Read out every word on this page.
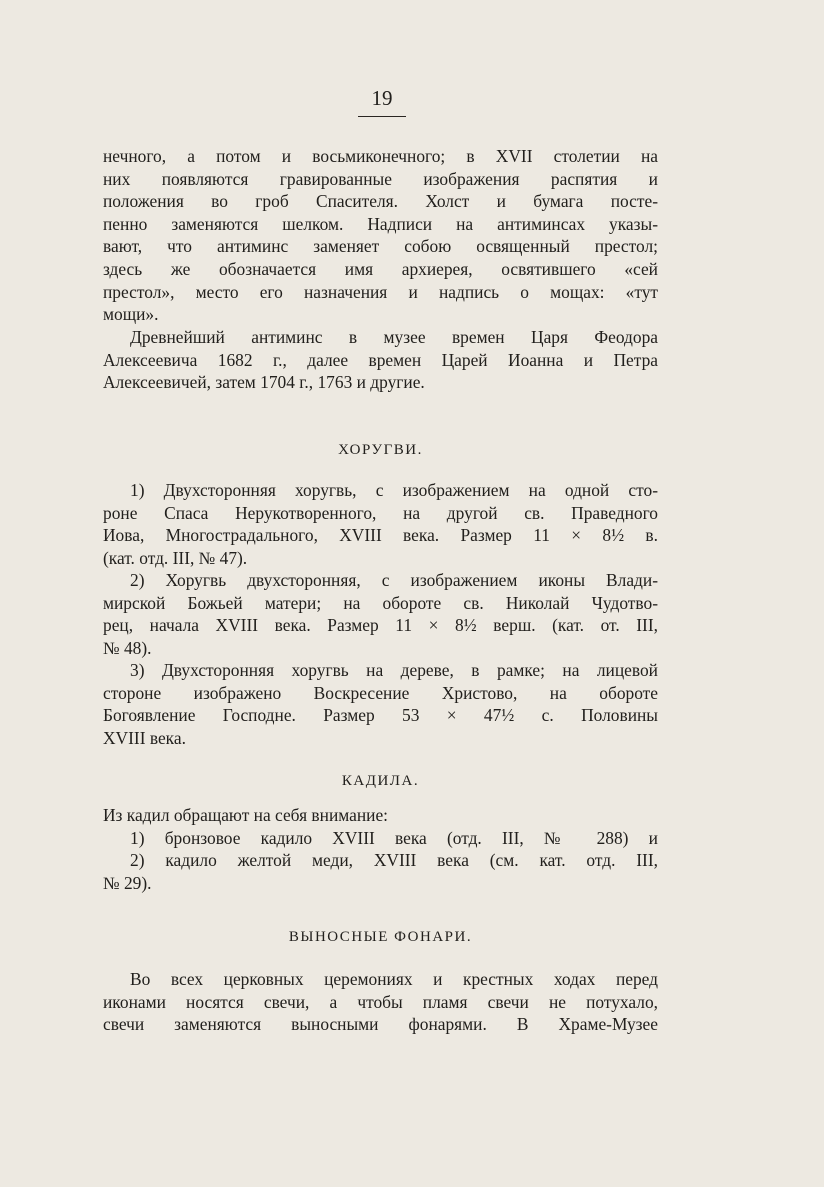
19
нечного, а потом и восьмиконечного; в XVII столетии на
них появляются гравированные изображения распятия и
положения во гроб Спасителя. Холст и бумага посте-
пенно заменяются шелком. Надписи на антиминсах указы-
вают, что антиминс заменяет собою освященный престол;
здесь же обозначается имя архиерея, освятившего «сей
престол», место его назначения и надпись о мощах: «тут
мощи».
Древнейший антиминс в музее времен Царя Феодора
Алексеевича 1682 г., далее времен Царей Иоанна и Петра
Алексеевичей, затем 1704 г., 1763 и другие.
ХОРУГВИ.
1) Двухсторонняя хоругвь, с изображением на одной сто-
роне Спаса Нерукотворенного, на другой св. Праведного
Иова, Многострадального, XVIII века. Размер 11 × 8½ в.
(кат. отд. III, № 47).
2) Хоругвь двухсторонняя, с изображением иконы Влади-
мирской Божьей матери; на обороте св. Николай Чудотво-
рец, начала XVIII века. Размер 11 × 8½ верш. (кат. от. III,
№ 48).
3) Двухсторонняя хоругвь на дереве, в рамке; на лицевой
стороне изображено Воскресение Христово, на обороте
Богоявление Господне. Размер 53 × 47½ с. Половины
XVIII века.
КАДИЛА.
Из кадил обращают на себя внимание:
1) бронзовое кадило XVIII века (отд. III, № 288) и
2) кадило желтой меди, XVIII века (см. кат. отд. III,
№ 29).
ВЫНОСНЫЕ ФОНАРИ.
Во всех церковных церемониях и крестных ходах перед
иконами носятся свечи, а чтобы пламя свечи не потухало,
свечи заменяются выносными фонарями. В Храме-Музее
